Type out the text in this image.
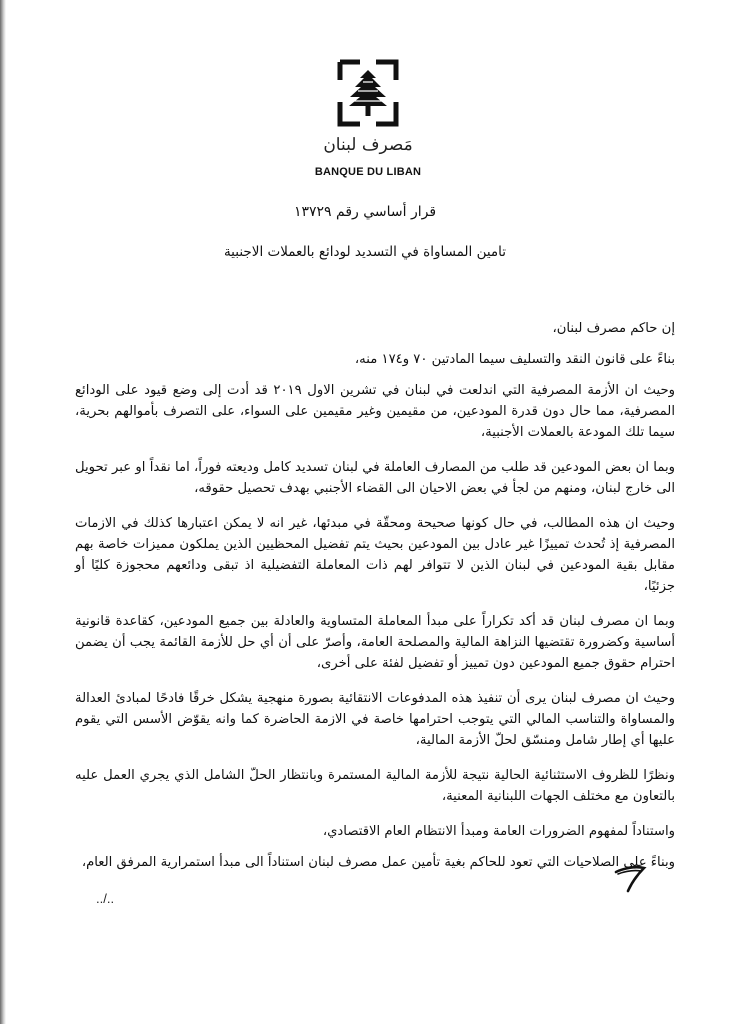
مَصرف لبنان
BANQUE DU LIBAN
قرار أساسي رقم ١٣٧٢٩
تامين المساواة في التسديد لودائع بالعملات الاجنبية

إن حاكم مصرف لبنان،

بناءً على قانون النقد والتسليف سيما المادتين ٧٠ و١٧٤ منه،

وحيث ان الأزمة المصرفية التي اندلعت في لبنان في تشرين الاول ٢٠١٩ قد أدت إلى وضع قيود على الودائع المصرفية، مما حال دون قدرة المودعين، من مقيمين وغير مقيمين على السواء، على التصرف بأموالهم بحرية، سيما تلك المودعة بالعملات الأجنبية،

وبما ان بعض المودعين قد طلب من المصارف العاملة في لبنان تسديد كامل وديعته فوراً، اما نقداً او عبر تحويل الى خارج لبنان، ومنهم من لجأ في بعض الاحيان الى القضاء الأجنبي بهدف تحصيل حقوقه،

وحيث ان هذه المطالب، في حال كونها صحيحة ومحقّة في مبدئها، غير انه لا يمكن اعتبارها كذلك في الازمات المصرفية إذ تُحدث تمييزًا غير عادل بين المودعين بحيث يتم تفضيل المحظيين الذين يملكون مميزات خاصة بهم مقابل بقية المودعين في لبنان الذين لا تتوافر لهم ذات المعاملة التفضيلية اذ تبقى ودائعهم محجوزة كليًا أو جزئيًا،

وبما ان مصرف لبنان قد أكد تكراراً على مبدأ المعاملة المتساوية والعادلة بين جميع المودعين، كقاعدة قانونية أساسية وكضرورة تقتضيها النزاهة المالية والمصلحة العامة، وأصرّ على أن أي حل للأزمة القائمة يجب أن يضمن احترام حقوق جميع المودعين دون تمييز أو تفضيل لفئة على أخرى،

وحيث ان مصرف لبنان يرى أن تنفيذ هذه المدفوعات الانتقائية بصورة منهجية يشكل خرقًا فادحًا لمبادئ العدالة والمساواة والتناسب المالي التي يتوجب احترامها خاصة في الازمة الحاضرة كما وانه يقوّض الأسس التي يقوم عليها أي إطار شامل ومنسّق لحلّ الأزمة المالية،

ونظرًا للظروف الاستثنائية الحالية نتيجة للأزمة المالية المستمرة وبانتظار الحلّ الشامل الذي يجري العمل عليه بالتعاون مع مختلف الجهات اللبنانية المعنية،

واستناداً لمفهوم الضرورات العامة ومبدأ الانتظام العام الاقتصادي،

وبناءً على الصلاحيات التي تعود للحاكم بغية تأمين عمل مصرف لبنان استناداً الى مبدأ استمرارية المرفق العام،

../..
